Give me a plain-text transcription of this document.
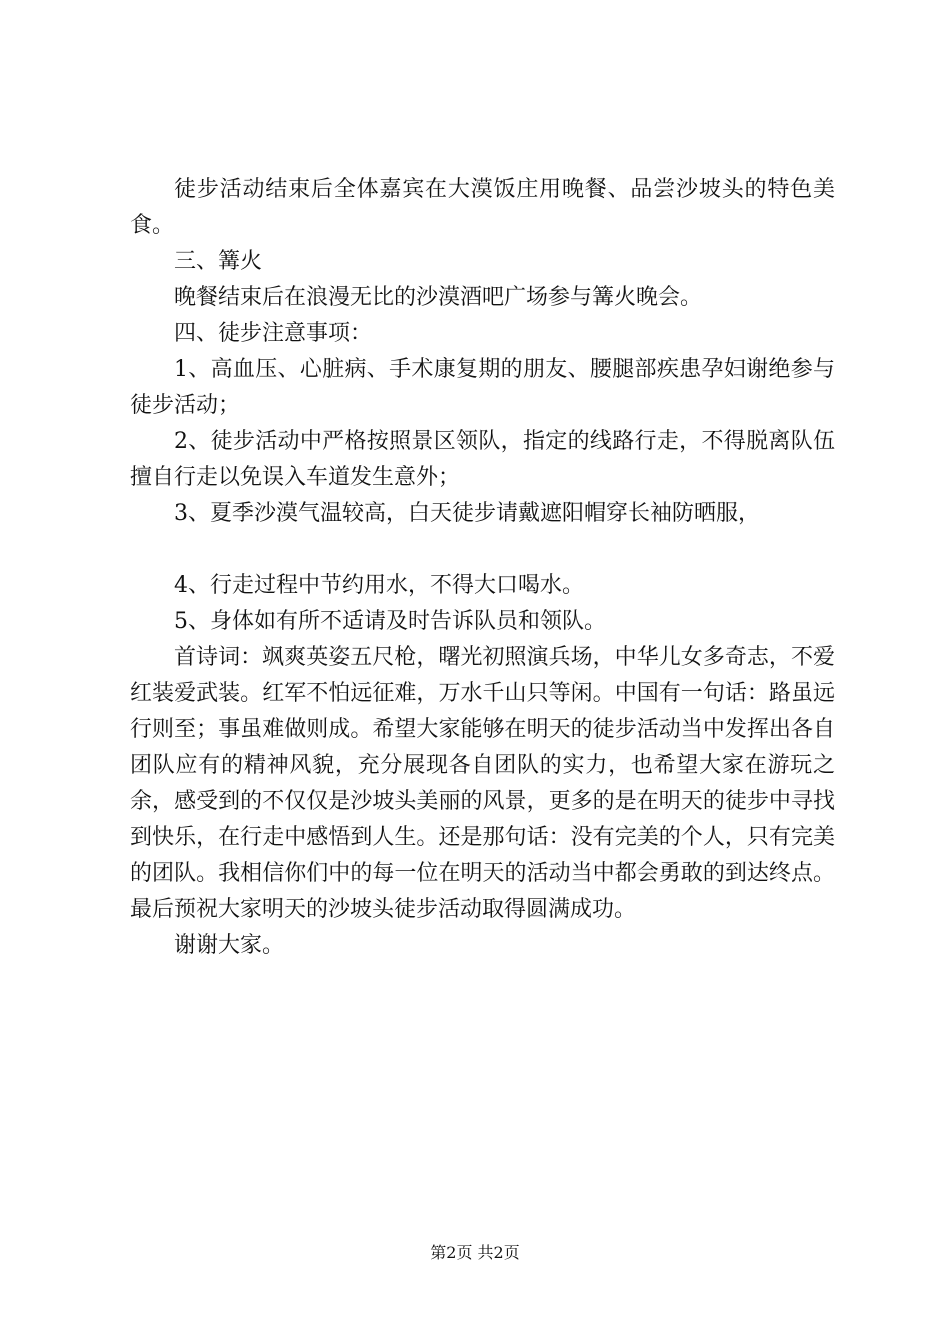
徒步活动结束后全体嘉宾在大漠饭庄用晚餐、品尝沙坡头的特色美食。

三、篝火

晚餐结束后在浪漫无比的沙漠酒吧广场参与篝火晚会。

四、徒步注意事项：

1、高血压、心脏病、手术康复期的朋友、腰腿部疾患孕妇谢绝参与徒步活动；

2、徒步活动中严格按照景区领队，指定的线路行走，不得脱离队伍擅自行走以免误入车道发生意外；

3、夏季沙漠气温较高，白天徒步请戴遮阳帽穿长袖防晒服，

4、行走过程中节约用水，不得大口喝水。

5、身体如有所不适请及时告诉队员和领队。

首诗词：飒爽英姿五尺枪，曙光初照演兵场，中华儿女多奇志，不爱红装爱武装。红军不怕远征难，万水千山只等闲。中国有一句话：路虽远行则至；事虽难做则成。希望大家能够在明天的徒步活动当中发挥出各自团队应有的精神风貌，充分展现各自团队的实力，也希望大家在游玩之余，感受到的不仅仅是沙坡头美丽的风景，更多的是在明天的徒步中寻找到快乐，在行走中感悟到人生。还是那句话：没有完美的个人，只有完美的团队。我相信你们中的每一位在明天的活动当中都会勇敢的到达终点。最后预祝大家明天的沙坡头徒步活动取得圆满成功。

谢谢大家。

第2页 共2页
